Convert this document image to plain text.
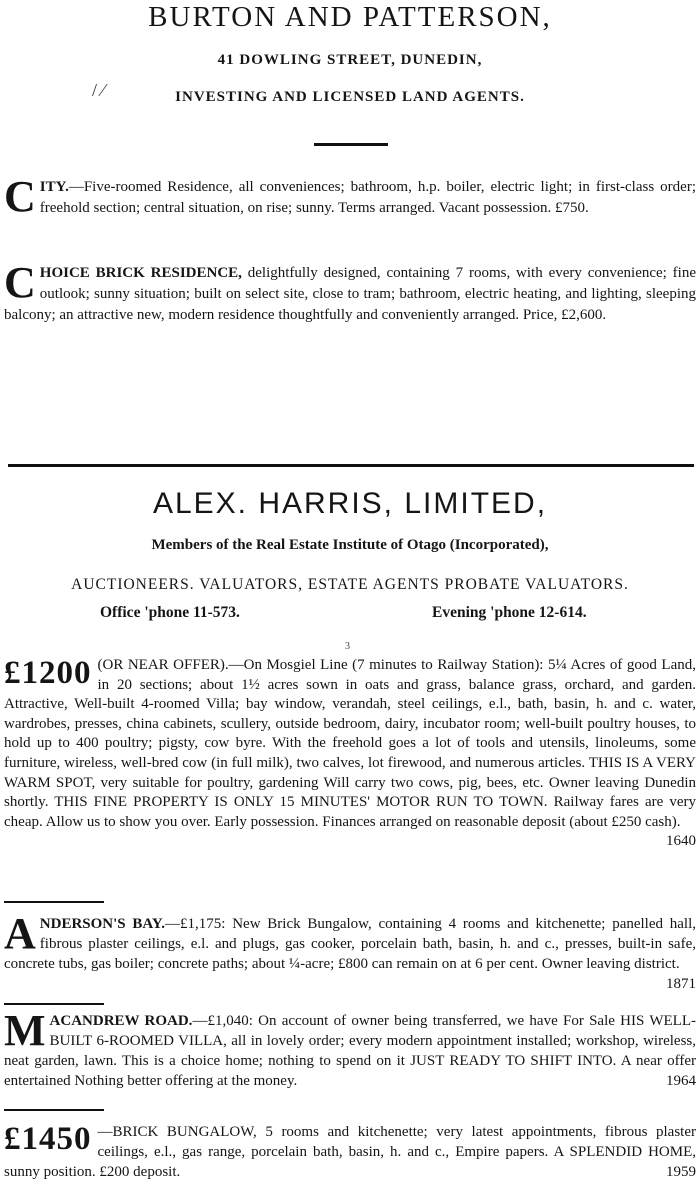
BURTON AND PATTERSON,
41 DOWLING STREET, DUNEDIN,
/ ⁄	INVESTING AND LICENSED LAND AGENTS.

CITY.—Five-roomed Residence, all conveniences; bathroom, h.p. boiler, electric light; in first-class order; freehold section; central situation, on rise; sunny. Terms arranged. Vacant possession. £750.

CHOICE BRICK RESIDENCE, delightfully designed, containing 7 rooms, with every convenience; fine outlook; sunny situation; built on select site, close to tram; bathroom, electric heating, and lighting, sleeping balcony; an attractive new, modern residence thoughtfully and conveniently arranged. Price, £2,600.

ALEX. HARRIS, LIMITED,
Members of the Real Estate Institute of Otago (Incorporated),
AUCTIONEERS. VALUATORS, ESTATE AGENTS PROBATE VALUATORS.
Office 'phone 11-573.	Evening 'phone 12-614.
3

£1200 (OR NEAR OFFER).—On Mosgiel Line (7 minutes to Railway Station): 5¼ Acres of good Land, in 20 sections; about 1½ acres sown in oats and grass, balance grass, orchard, and garden. Attractive, Well-built 4-roomed Villa; bay window, verandah, steel ceilings, e.l., bath, basin, h. and c. water, wardrobes, presses, china cabinets, scullery, outside bedroom, dairy, incubator room; well-built poultry houses, to hold up to 400 poultry; pigsty, cow byre. With the freehold goes a lot of tools and utensils, linoleums, some furniture, wireless, well-bred cow (in full milk), two calves, lot firewood, and numerous articles. THIS IS A VERY WARM SPOT, very suitable for poultry, gardening Will carry two cows, pig, bees, etc. Owner leaving Dunedin shortly. THIS FINE PROPERTY IS ONLY 15 MINUTES' MOTOR RUN TO TOWN. Railway fares are very cheap. Allow us to show you over. Early possession. Finances arranged on reasonable deposit (about £250 cash).
1640

ANDERSON'S BAY.—£1,175: New Brick Bungalow, containing 4 rooms and kitchenette; panelled hall, fibrous plaster ceilings, e.l. and plugs, gas cooker, porcelain bath, basin, h. and c., presses, built-in safe, concrete tubs, gas boiler; concrete paths; about ¼-acre; £800 can remain on at 6 per cent. Owner leaving district.
1871

MACANDREW ROAD.—£1,040: On account of owner being transferred, we have For Sale HIS WELL-BUILT 6-ROOMED VILLA, all in lovely order; every modern appointment installed; workshop, wireless, neat garden, lawn. This is a choice home; nothing to spend on it JUST READY TO SHIFT INTO. A near offer entertained Nothing better offering at the money.	1964

£1450 —BRICK BUNGALOW, 5 rooms and kitchenette; very latest appointments, fibrous plaster ceilings, e.l., gas range, porcelain bath, basin, h. and c., Empire papers. A SPLENDID HOME, sunny position. £200 deposit.	1959
